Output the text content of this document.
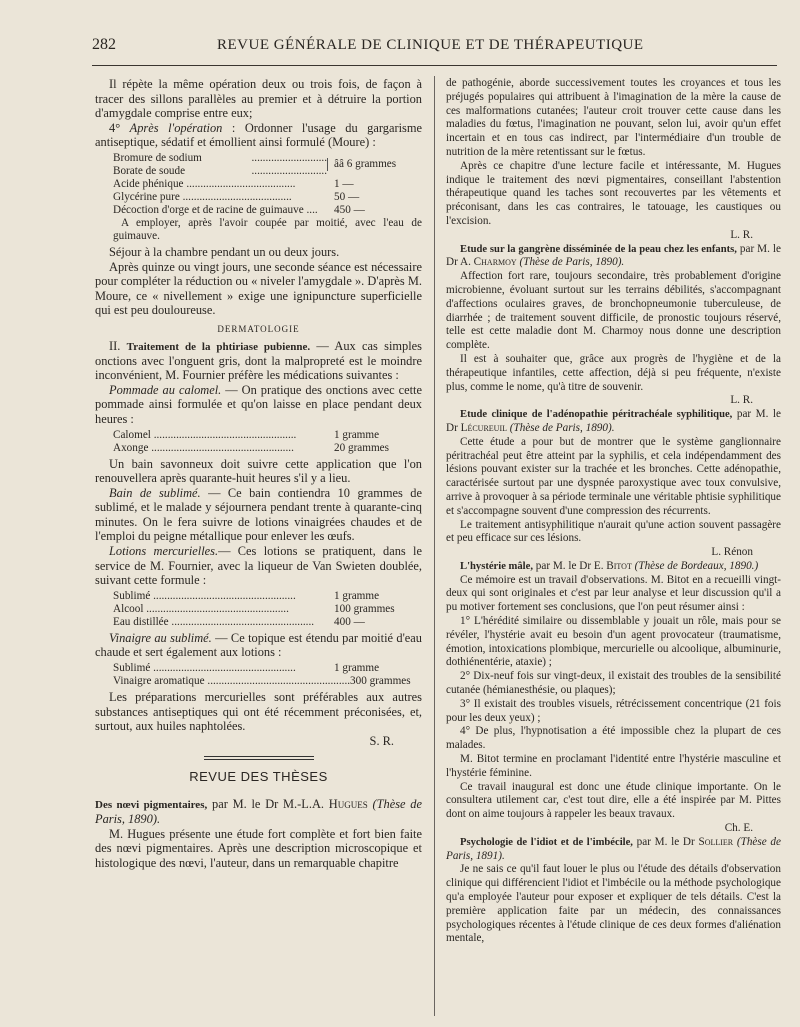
282	REVUE GÉNÉRALE DE CLINIQUE ET DE THÉRAPEUTIQUE

Il répète la même opération deux ou trois fois, de façon à tracer des sillons parallèles au premier et à détruire la portion d'amygdale comprise entre eux;

4° Après l'opération : Ordonner l'usage du gargarisme antiseptique, sédatif et émollient ainsi formulé (Moure) :

Bromure de sodium	...........................
Borate de soude	...........................
ââ 6 grammes
Acide phénique .......................................	1 —
Glycérine pure .......................................	50 —
Décoction d'orge et de racine de guimauve ....	450 —
A employer, après l'avoir coupée par moitié, avec l'eau de guimauve.

Séjour à la chambre pendant un ou deux jours.

Après quinze ou vingt jours, une seconde séance est nécessaire pour compléter la réduction ou « niveler l'amygdale ». D'après M. Moure, ce « nivellement » exige une ignipuncture superficielle qui est peu douloureuse.

DERMATOLOGIE

II. Traitement de la phtiriase pubienne. — Aux cas simples onctions avec l'onguent gris, dont la malpropreté est le moindre inconvénient, M. Fournier préfère les médications suivantes :

Pommade au calomel. — On pratique des onctions avec cette pommade ainsi formulée et qu'on laisse en place pendant deux heures :

Calomel ...................................................	1 gramme
Axonge ...................................................	20 grammes

Un bain savonneux doit suivre cette application que l'on renouvellera après quarante-huit heures s'il y a lieu.

Bain de sublimé. — Ce bain contiendra 10 grammes de sublimé, et le malade y séjournera pendant trente à quarante-cinq minutes. On le fera suivre de lotions vinaigrées chaudes et de l'emploi du peigne métallique pour enlever les œufs.

Lotions mercurielles.— Ces lotions se pratiquent, dans le service de M. Fournier, avec la liqueur de Van Swieten doublée, suivant cette formule :

Sublimé ...................................................	1 gramme
Alcool ...................................................	100 grammes
Eau distillée ...................................................	400 —

Vinaigre au sublimé. — Ce topique est étendu par moitié d'eau chaude et sert également aux lotions :

Sublimé ...................................................	1 gramme
Vinaigre aromatique ................................................... 300 grammes

Les préparations mercurielles sont préférables aux autres substances antiseptiques qui ont été récemment préconisées, et, surtout, aux huiles naphtolées.

S. R.
REVUE DES THÈSES

Des nœvi pigmentaires, par M. le Dr M.-L.A. Hugues (Thèse de Paris, 1890).

M. Hugues présente une étude fort complète et fort bien faite des nœvi pigmentaires. Après une description microscopique et histologique des nœvi, l'auteur, dans un remarquable chapitre

de pathogénie, aborde successivement toutes les croyances et tous les préjugés populaires qui attribuent à l'imagination de la mère la cause de ces malformations cutanées; l'auteur croit trouver cette cause dans les maladies du fœtus, l'imagination ne pouvant, selon lui, avoir qu'un effet incertain et en tous cas indirect, par l'intermédiaire d'un trouble de nutrition de la mère retentissant sur le fœtus.

Après ce chapitre d'une lecture facile et intéressante, M. Hugues indique le traitement des nœvi pigmentaires, conseillant l'abstention thérapeutique quand les taches sont recouvertes par les vêtements et préconisant, dans les cas contraires, le tatouage, les caustiques ou l'excision.

L. R.

Etude sur la gangrène disséminée de la peau chez les enfants, par M. le Dr A. Charmoy (Thèse de Paris, 1890).

Affection fort rare, toujours secondaire, très probablement d'origine microbienne, évoluant surtout sur les terrains débilités, s'accompagnant d'affections oculaires graves, de bronchopneumonie tuberculeuse, de diarrhée ; de traitement souvent difficile, de pronostic toujours réservé, telle est cette maladie dont M. Charmoy nous donne une description complète.

Il est à souhaiter que, grâce aux progrès de l'hygiène et de la thérapeutique infantiles, cette affection, déjà si peu fréquente, n'existe plus, comme le nome, qu'à titre de souvenir.

L. R.

Etude clinique de l'adénopathie péritrachéale syphilitique, par M. le Dr Lécureuil (Thèse de Paris, 1890).

Cette étude a pour but de montrer que le système ganglionnaire péritrachéal peut être atteint par la syphilis, et cela indépendamment des lésions pouvant exister sur la trachée et les bronches. Cette adénopathie, caractérisée surtout par une dyspnée paroxystique avec toux convulsive, arrive à provoquer à sa période terminale une véritable phtisie syphilitique et s'accompagne souvent d'une compression des récurrents.

Le traitement antisyphilitique n'aurait qu'une action souvent passagère et peu efficace sur ces lésions.

L. Rénon

L'hystérie mâle, par M. le Dr E. Bitot (Thèse de Bordeaux, 1890.)

Ce mémoire est un travail d'observations. M. Bitot en a recueilli vingt-deux qui sont originales et c'est par leur analyse et leur discussion qu'il a pu motiver fortement ses conclusions, que l'on peut résumer ainsi :

1° L'hérédité similaire ou dissemblable y jouait un rôle, mais pour se révéler, l'hystérie avait eu besoin d'un agent provocateur (traumatisme, émotion, intoxications plombique, mercurielle ou alcoolique, albuminurie, dothiénentérie, ataxie) ;

2° Dix-neuf fois sur vingt-deux, il existait des troubles de la sensibilité cutanée (hémianesthésie, ou plaques);

3° Il existait des troubles visuels, rétrécissement concentrique (21 fois pour les deux yeux) ;

4° De plus, l'hypnotisation a été impossible chez la plupart de ces malades.

M. Bitot termine en proclamant l'identité entre l'hystérie masculine et l'hystérie féminine.

Ce travail inaugural est donc une étude clinique importante. On le consultera utilement car, c'est tout dire, elle a été inspirée par M. Pittes dont on aime toujours à rappeler les beaux travaux.

Ch. E.

Psychologie de l'idiot et de l'imbécile, par M. le Dr Sollier (Thèse de Paris, 1891).

Je ne sais ce qu'il faut louer le plus ou l'étude des détails d'observation clinique qui différencient l'idiot et l'imbécile ou la méthode psychologique qu'a employée l'auteur pour exposer et expliquer de tels détails. C'est la première application faite par un médecin, des connaissances psychologiques récentes à l'étude clinique de ces deux formes d'aliénation mentale,
